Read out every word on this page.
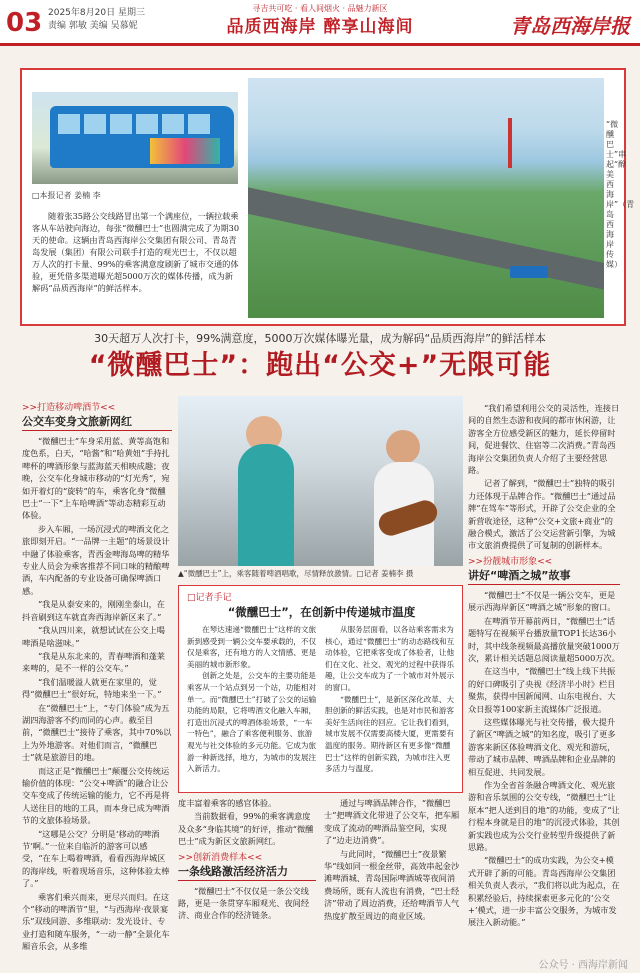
03 2025年8月20日 星期三
责编 郭敏 美编 吴慕妮
寻吉共可吃 · 看人间烟火 · 品魅力新区
品质西海岸 醉享山海间	青岛西海岸报
□本报记者 姜楠 李
随着张35路公交线路冒出第一个满座位，一辆拉载乘客从车站驶向海边，每张“微醺巴士”也圆满完成了为期30天的使命。这辆由青岛西海岸公交集团有限公司、青岛青岛发展（集团）有限公司联手打造的观光巴士，不仅以超万人次的打卡量、99%的乘客满意度刷新了城市交通的体验，更凭借多渠道曝光超5000万次的媒体传播，成为新解码“品质西海岸”的鲜活样本。
“微醺巴士”串起“醉美西海岸”（青岛西海岸传媒）
30天超万人次打卡，99%满意度，5000万次媒体曝光量，成为解码“品质西海岸”的鲜活样本
“微醺巴士”：跑出“公交+”无限可能
>>打造移动啤酒节<<
公交车变身文旅新网红

“微醺巴士”车身采用蓝、黄等高饱和度色系，白天，“哈酱”和“哈黄妞”手持扎啤杯的啤酒形象与蓝海蓝天相映成趣；夜晚，公交车化身城市移动的“灯光秀”，宛如开着灯的“旋转”的车，乘客化身“微醺巴士”一下“上车哈啤酒”等动态精彩互动体验。

步入车厢，一场沉浸式的啤酒文化之旅即刻开启。“一品牌一主题”的场景设计中融了体验乘客，青西金啤海岛啤的精华专业人员会为乘客推荐不同口味的精酿啤酒，车内配备的专业设备可确保啤酒口感。

“我是从泰安来的，刚刚坐泰山，在抖音刷到这车就直奔西海岸新区来了。”

“我从四川来，就想试试在公交上喝啤酒是啥滋味。”

“我是从东北来的，青春啤酒和蓬莱来啤的，是不一样的公交车。”

“我们温暖溢人就更在家里的，觉得“微醺巴士”很好玩，特地来坐一下。”

在“微醺巴士”上，“专门体验”成为五湖四海游客不约而同的心声。截至目前，“微醺巴士”接待了乘客，其中70%以上为外地游客。对他们而言，“微醺巴士”就是旅游目的地。

而这正是“微醺巴士”颠覆公交传统运输价值的体现：“公交+啤酒”的融合让公交车变成了传统运输的能力，它不再是将人送往目的地的工具，而本身已成为啤酒节的文旅体验场景。

“这哪是公交？分明是‘移动的啤酒节’啊。”一位来自临沂的游客可以感受，“在车上喝着啤酒，看看西海岸城区的海岸线，听着现场音乐，这种体验太棒了。”

乘客们乘兴而来，更尽兴而归。在这个“移动的啤酒节”里，“与西海岸·夜景宴乐”双线同游、多维联动：发光设计、专业打造和随车服务，“一动一静”全景化车厢音乐会，从多维

▲“微醺巴士”上，乘客随着啤酒唱歌，尽情释放激情。□记者 姜楠李 摄
□记者手记
“微醺巴士”，在创新中传递城市温度

在琴达速递“微醺巴士”这样的文旅新到感受到一辆公交车要承载的，不仅仅是乘客，还有地方的人文情感、更是美丽的城市新形象。

创新之处是，公交车的主要功能是乘客从一个站点到另一个站，功能相对单一。而“微醺巴士”打破了公交的运输功能的局限，它将啤酒文化融入车厢，打造出沉浸式的啤酒体验场景，“一车一特色”，融合了乘客便利服务、旅游观光与社交体验的多元功能。它成为旅游一种新选择，地方，为城市的发展注入新活力。

从服务层面看，以各站乘客需求为核心，通过“微醺巴士”的动态路线和互动体验，它把乘客变成了体验者，让他们在文化、社交、观光的过程中获得乐趣，让公交车成为了一个城市对外展示的窗口。

“微醺巴士”，是新区深化改革、大胆创新的鲜活实践，也是对市民和游客美好生活向往的回应。它让我们看到，城市发展不仅需要高楼大厦，更需要有温度的服务。期待新区有更多像“微醺巴士”这样的创新实践，为城市注入更多活力与温度。

度丰富着乘客的感官体验。

当前数据看，99%的乘客满意度及众多“身临其境”的好评，推动“微醺巴士”成为新区文旅新网红。

>>创新消费样本<<
一条线路激活经济活力

“微醺巴士”不仅仅是一条公交线路，更是一条贯穿车厢观光、夜间经济、商业合作的经济链条。

通过与啤酒品牌合作，“微醺巴士”把啤酒文化带进了公交车，把车厢变成了流动的啤酒品鉴空间，实现了“边走边消费”。

与此同时，“微醺巴士”夜景繁华“线如同一根金丝带，高效串起金沙滩啤酒城、青岛国际啤酒城等夜间消费场所，既有人流也有消费，“巴士经济”带动了周边消费，还给啤酒节人气热度扩散至周边的商业区域。

“我们希望利用公交的灵活性，连接日间的自然生态游和夜间的都市休闲游，让游客全方位感受新区的魅力，延长停留时间，促进餐饮、住宿等二次消费。”青岛西海岸公交集团负责人介绍了主要经营思路。

记者了解到，“微醺巴士”独特的吸引力还体现于品牌合作。“微醺巴士”通过品牌“在驾车”等形式，开辟了公交企业的全新营收途径，这种“公交+文旅+商业”的融合模式，激活了公交运营新引擎，为城市文旅消费提供了可复制的创新样本。

>>扮靓城市形象<<
讲好“啤酒之城”故事

“微醺巴士”不仅是一辆公交车，更是展示西海岸新区“啤酒之城”形象的窗口。

在啤酒节开幕前两日，“微醺巴士”话题特写在视频平台播放量TOP1长达36小时，其中线条视频最高播放量突破1000万次，累计相关话题总阅读量超5000万次。

在这当中，“微醺巴士”线上线下共振的好口碑吸引了央视《经济半小时》栏目聚焦，获得中国新闻网、山东电视台、大众日报等100家新主流媒体广泛报道。

这些媒体曝光与社交传播，极大提升了新区“啤酒之城”的知名度，吸引了更多游客来新区体验啤酒文化、观光和游玩，带动了城市品牌、啤酒品牌和企业品牌的相互促进、共同发展。

作为全省首条融合啤酒文化、观光旅游和音乐氛围的公交专线，“微醺巴士”让原本“把人送到目的地”的功能，变成了“让行程本身就是目的地”的沉浸式体验，其创新实践也成为公交行业转型升级提供了新思路。

“微醺巴士”的成功实践，为公交+模式开辟了新的可能。青岛西海岸公交集团相关负责人表示，“我们将以此为起点，在积累经验后，持续探索更多元化的‘公交+’模式，进一步丰富公交服务，为城市发展注入新动能。”

公众号 · 西海岸新闻
